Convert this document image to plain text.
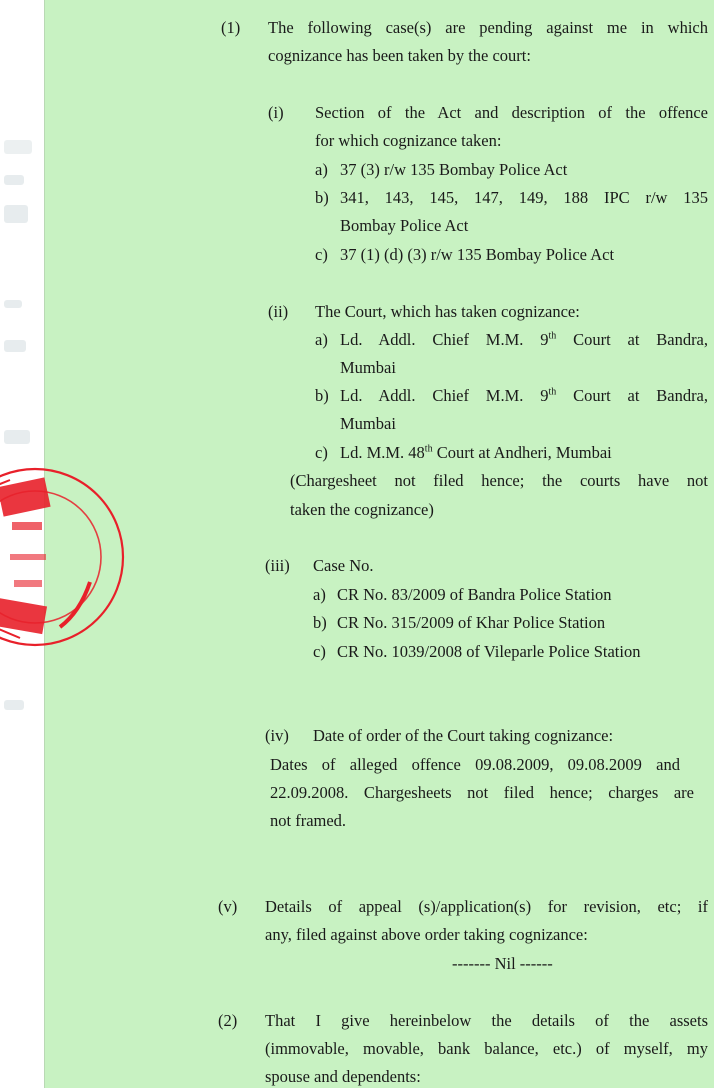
(1) The following case(s) are pending against me in which
cognizance has been taken by the court:
(i) Section of the Act and description of the offence
for which cognizance taken:
a) 37 (3) r/w 135 Bombay Police Act
b) 341, 143, 145, 147, 149, 188 IPC r/w 135
Bombay Police Act
c) 37 (1) (d) (3) r/w 135 Bombay Police Act
(ii) The Court, which has taken cognizance:
a) Ld. Addl. Chief M.M. 9th Court at Bandra,
Mumbai
b) Ld. Addl. Chief M.M. 9th Court at Bandra,
Mumbai
c) Ld. M.M. 48th Court at Andheri, Mumbai
(Chargesheet not filed hence; the courts have not
taken the cognizance)
(iii) Case No.
a) CR No. 83/2009 of Bandra Police Station
b) CR No. 315/2009 of Khar Police Station
c) CR No. 1039/2008 of Vileparle Police Station
(iv) Date of order of the Court taking cognizance:
Dates of alleged offence 09.08.2009, 09.08.2009 and
22.09.2008. Chargesheets not filed hence; charges are
not framed.
(v) Details of appeal (s)/application(s) for revision, etc; if
any, filed against above order taking cognizance:
------- Nil ------
(2) That I give hereinbelow the details of the assets
(immovable, movable, bank balance, etc.) of myself, my
spouse and dependents:
